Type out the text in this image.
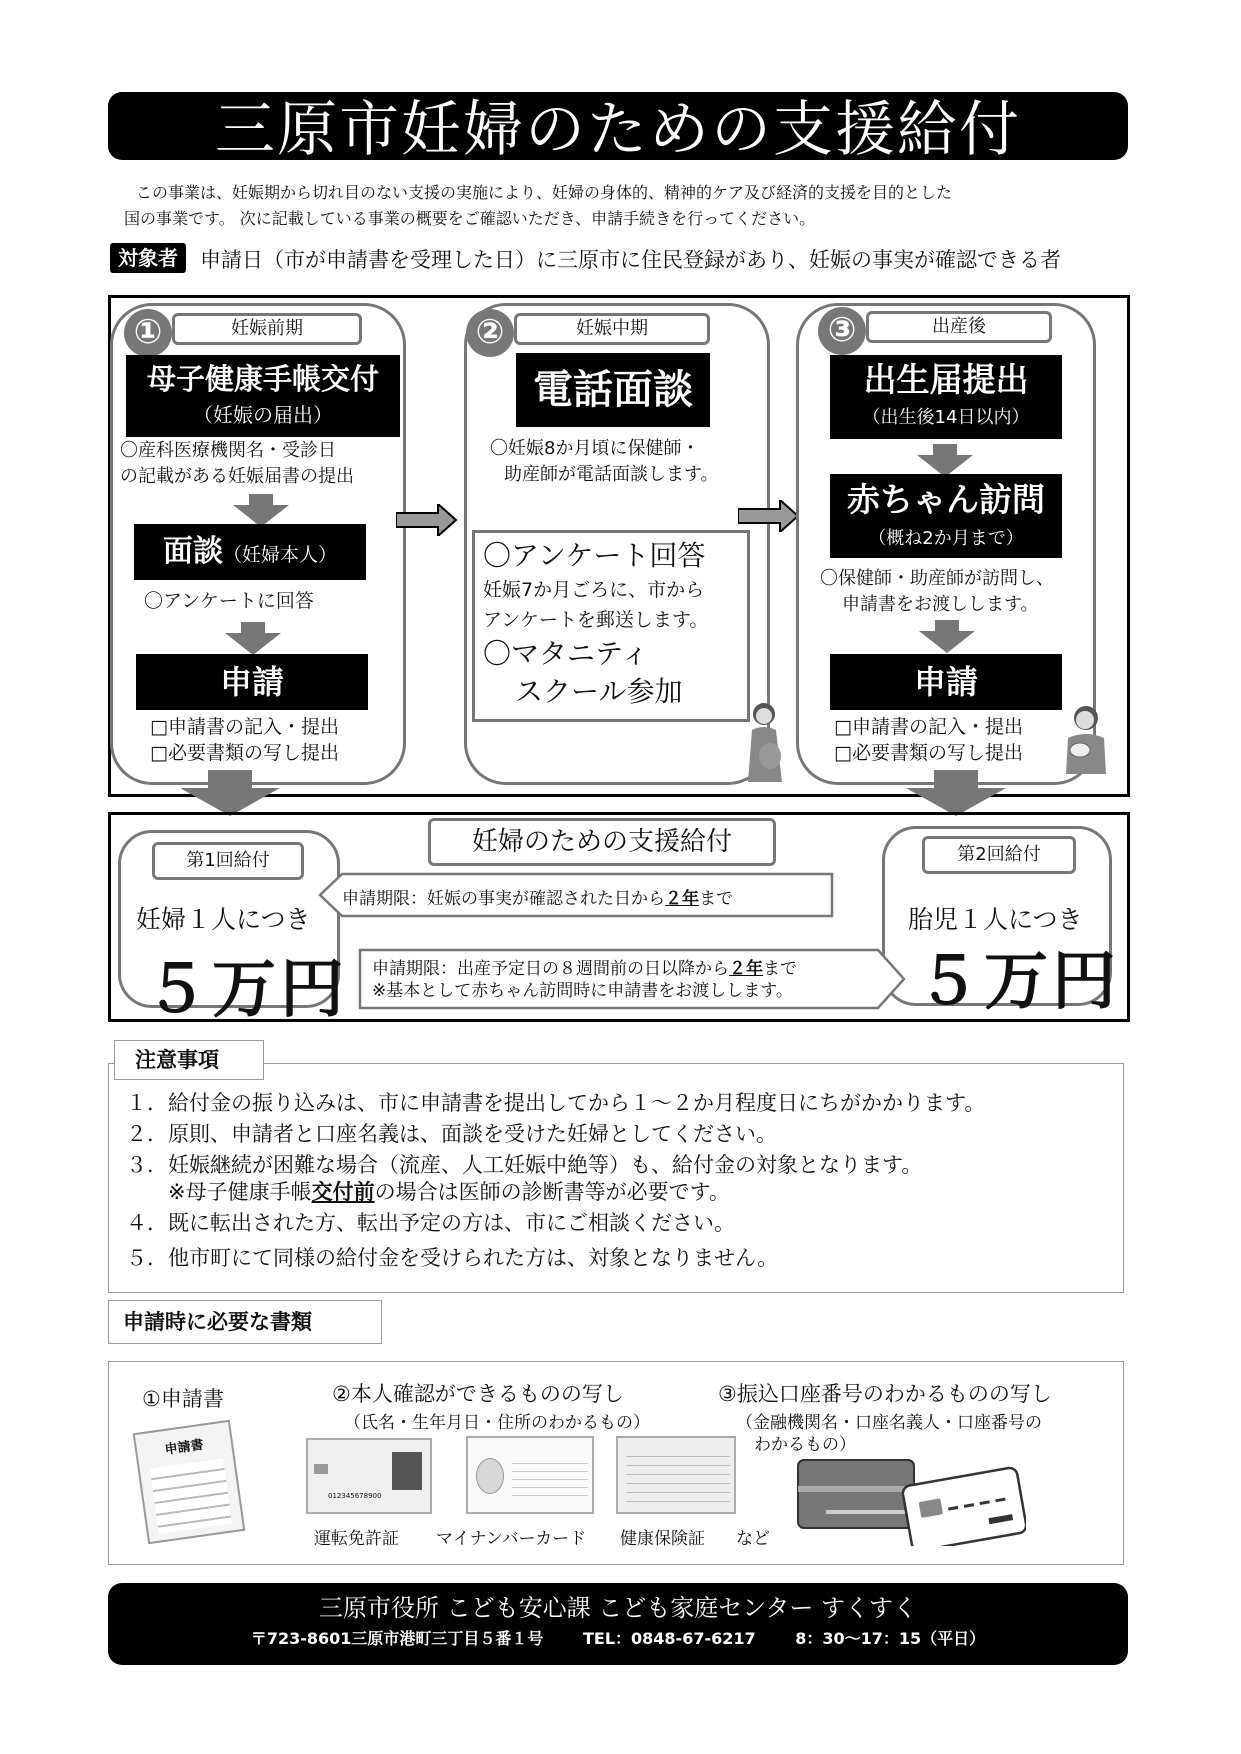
三原市妊婦のための支援給付
この事業は、妊娠期から切れ目のない支援の実施により、妊婦の身体的、精神的ケア及び経済的支援を目的とした
国の事業です。 次に記載している事業の概要をご確認いただき、申請手続きを行ってください。
対象者	申請日（市が申請書を受理した日）に三原市に住民登録があり、妊娠の事実が確認できる者
①	妊娠前期
母子健康手帳交付
（妊娠の届出）
〇産科医療機関名・受診日
の記載がある妊娠届書の提出
面談（妊婦本人）
〇アンケートに回答
申請
□申請書の記入・提出
□必要書類の写し提出
②	妊娠中期
電話面談
〇妊娠8か月頃に保健師・
助産師が電話面談します。
〇アンケート回答
妊娠7か月ごろに、市から
アンケートを郵送します。
〇マタニティ
スクール参加
③	出産後
出生届提出
（出生後14日以内）
赤ちゃん訪問
（概ね2か月まで）
〇保健師・助産師が訪問し、
申請書をお渡しします。
申請
□申請書の記入・提出
□必要書類の写し提出
妊婦のための支援給付
第1回給付
妊婦１人につき
５万円
申請期限：妊娠の事実が確認された日から２年まで
第2回給付
胎児１人につき
５万円
申請期限：出産予定日の８週間前の日以降から２年まで
※基本として赤ちゃん訪問時に申請書をお渡しします。
注意事項
１．給付金の振り込みは、市に申請書を提出してから１～２か月程度日にちがかかります。
２．原則、申請者と口座名義は、面談を受けた妊婦としてください。
３．妊娠継続が困難な場合（流産、人工妊娠中絶等）も、給付金の対象となります。
※母子健康手帳交付前の場合は医師の診断書等が必要です。
４．既に転出された方、転出予定の方は、市にご相談ください。
５．他市町にて同様の給付金を受けられた方は、対象となりません。
申請時に必要な書類
①申請書
申請書
②本人確認ができるものの写し
（氏名・生年月日・住所のわかるもの）
012345678900
運転免許証 マイナンバーカード 健康保険証 など
③振込口座番号のわかるものの写し
（金融機関名・口座名義人・口座番号の
わかるもの）
三原市役所 こども安心課 こども家庭センター すくすく
〒723-8601三原市港町三丁目５番１号 TEL：0848-67-6217 8：30～17：15（平日）
